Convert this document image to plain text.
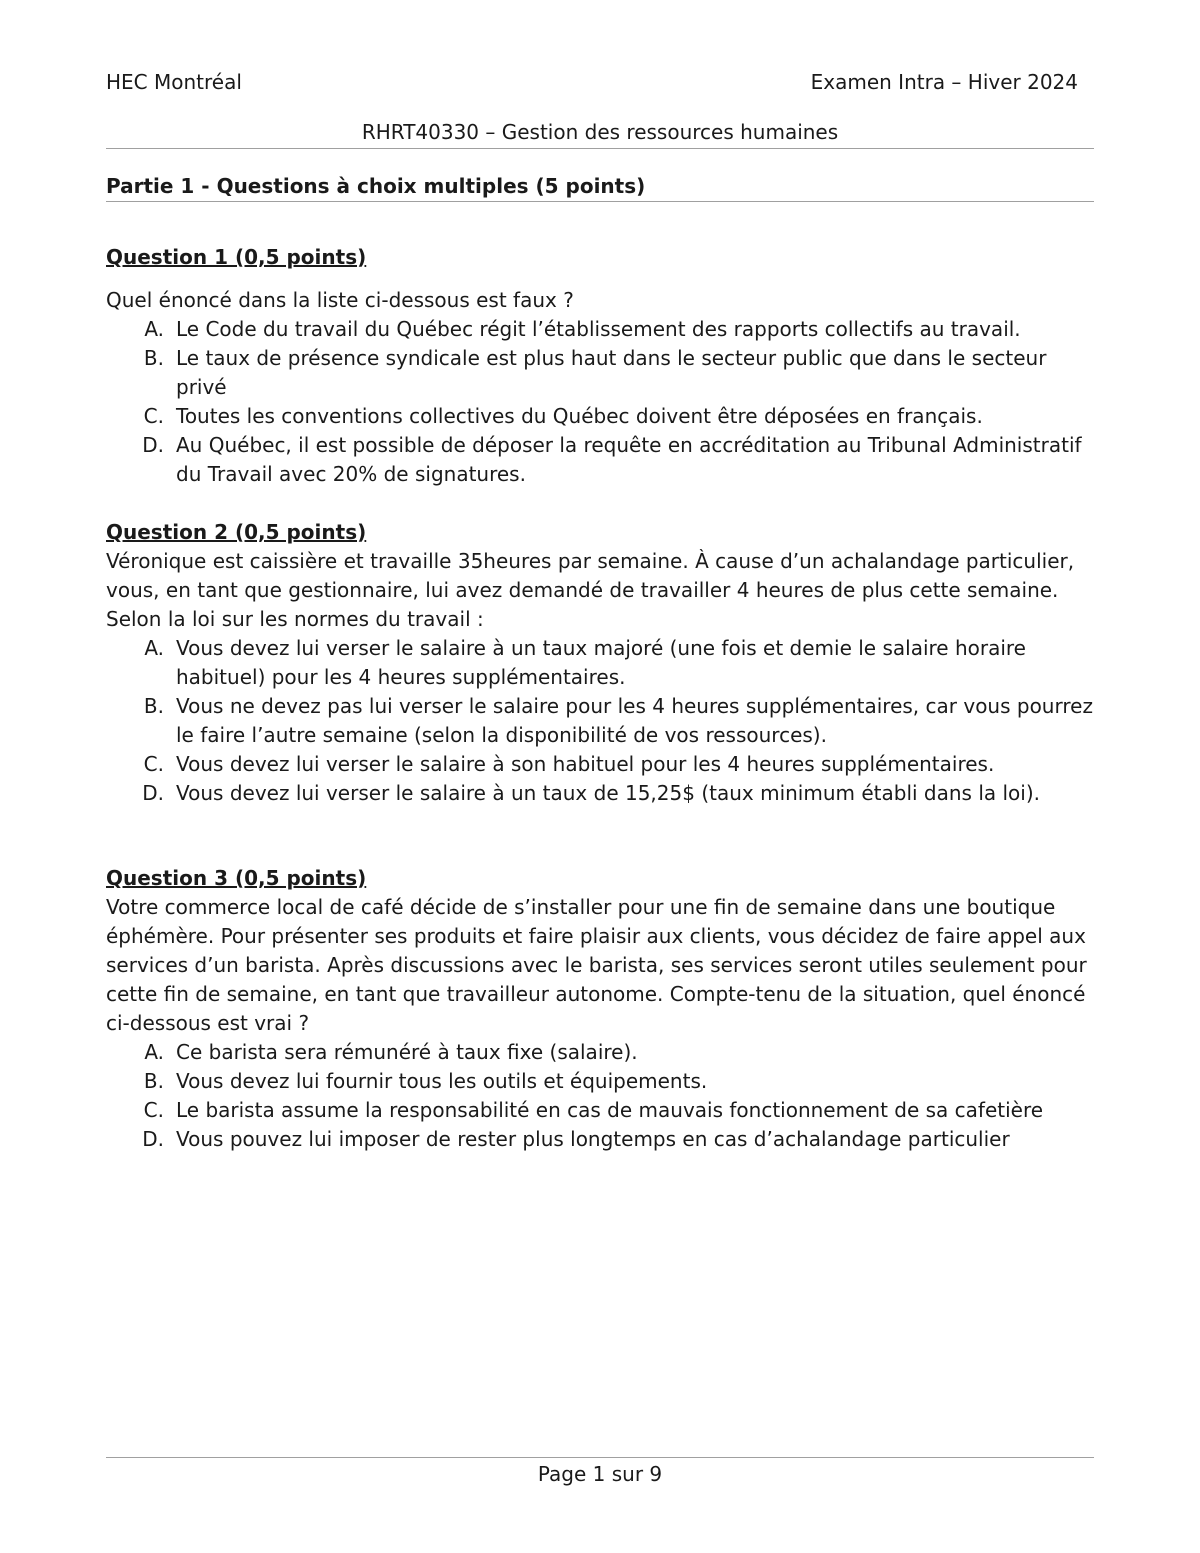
HEC Montréal	Examen Intra – Hiver 2024
RHRT40330 – Gestion des ressources humaines
Partie 1 - Questions à choix multiples (5 points)

Question 1 (0,5 points)

Quel énoncé dans la liste ci-dessous est faux ?

A. Le Code du travail du Québec régit l’établissement des rapports collectifs au travail.
B. Le taux de présence syndicale est plus haut dans le secteur public que dans le secteur privé
C. Toutes les conventions collectives du Québec doivent être déposées en français.
D. Au Québec, il est possible de déposer la requête en accréditation au Tribunal Administratif du Travail avec 20% de signatures.

Question 2 (0,5 points)

Véronique est caissière et travaille 35heures par semaine. À cause d’un achalandage particulier, vous, en tant que gestionnaire, lui avez demandé de travailler 4 heures de plus cette semaine. Selon la loi sur les normes du travail :

A. Vous devez lui verser le salaire à un taux majoré (une fois et demie le salaire horaire habituel) pour les 4 heures supplémentaires.
B. Vous ne devez pas lui verser le salaire pour les 4 heures supplémentaires, car vous pourrez le faire l’autre semaine (selon la disponibilité de vos ressources).
C. Vous devez lui verser le salaire à son habituel pour les 4 heures supplémentaires.
D. Vous devez lui verser le salaire à un taux de 15,25$ (taux minimum établi dans la loi).

Question 3 (0,5 points)

Votre commerce local de café décide de s’installer pour une fin de semaine dans une boutique éphémère. Pour présenter ses produits et faire plaisir aux clients, vous décidez de faire appel aux services d’un barista. Après discussions avec le barista, ses services seront utiles seulement pour cette fin de semaine, en tant que travailleur autonome. Compte-tenu de la situation, quel énoncé ci-dessous est vrai ?

A. Ce barista sera rémunéré à taux fixe (salaire).
B. Vous devez lui fournir tous les outils et équipements.
C. Le barista assume la responsabilité en cas de mauvais fonctionnement de sa cafetière
D. Vous pouvez lui imposer de rester plus longtemps en cas d’achalandage particulier
Page 1 sur 9
